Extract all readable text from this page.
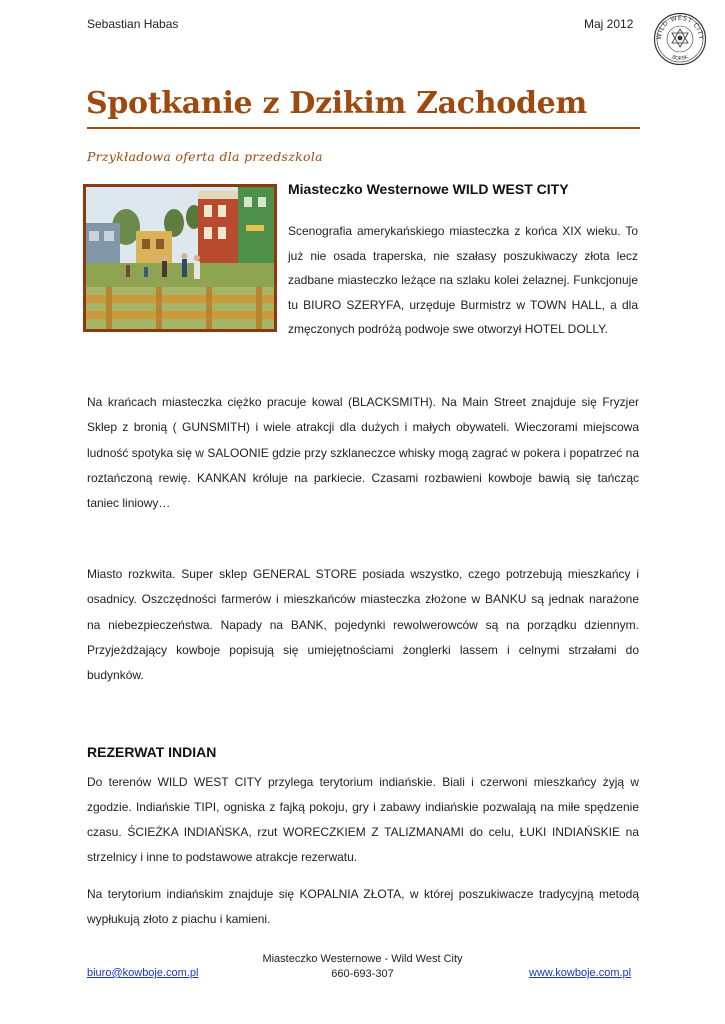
Sebastian Habas	Maj 2012
WILD WEST CITY
BORSK
Spotkanie z Dzikim Zachodem
Przykładowa oferta dla przedszkola
Miasteczko Westernowe WILD WEST CITY

Scenografia amerykańskiego miasteczka z końca XIX wieku. To już nie osada traperska, nie szałasy poszukiwaczy złota lecz zadbane miasteczko leżące na szlaku kolei żelaznej. Funkcjonuje tu BIURO SZERYFA, urzęduje Burmistrz w TOWN HALL, a dla zmęczonych podróżą podwoje swe otworzył HOTEL DOLLY.

Na krańcach miasteczka ciężko pracuje kowal (BLACKSMITH). Na Main Street znajduje się Fryzjer Sklep z bronią ( GUNSMITH) i wiele atrakcji dla dużych i małych obywateli. Wieczorami miejscowa ludność spotyka się w SALOONIE gdzie przy szklaneczce whisky mogą zagrać w pokera i popatrzeć na roztańczoną rewię. KANKAN króluje na parkiecie. Czasami rozbawieni kowboje bawią się tańcząc taniec liniowy…

Miasto rozkwita. Super sklep GENERAL STORE posiada wszystko, czego potrzebują mieszkańcy i osadnicy. Oszczędności farmerów i mieszkańców miasteczka złożone w BANKU są jednak narażone na niebezpieczeństwa. Napady na BANK, pojedynki rewolwerowców są na porządku dziennym. Przyjeżdżający kowboje popisują się umiejętnościami żonglerki lassem i celnymi strzałami do budynków.

REZERWAT INDIAN

Do terenów WILD WEST CITY przylega terytorium indiańskie. Biali i czerwoni mieszkańcy żyją w zgodzie. Indiańskie TIPI, ogniska z fajką pokoju, gry i zabawy indiańskie pozwalają na miłe spędzenie czasu. ŚCIEŻKA INDIAŃSKA, rzut WORECZKIEM Z TALIZMANAMI do celu, ŁUKI INDIAŃSKIE na strzelnicy i inne to podstawowe atrakcje rezerwatu.

Na terytorium indiańskim znajduje się KOPALNIA ZŁOTA, w której poszukiwacze tradycyjną metodą wypłukują złoto z piachu i kamieni.

Miasteczko Westernowe - Wild West City
660-693-307
biuro@kowboje.com.pl	www.kowboje.com.pl
